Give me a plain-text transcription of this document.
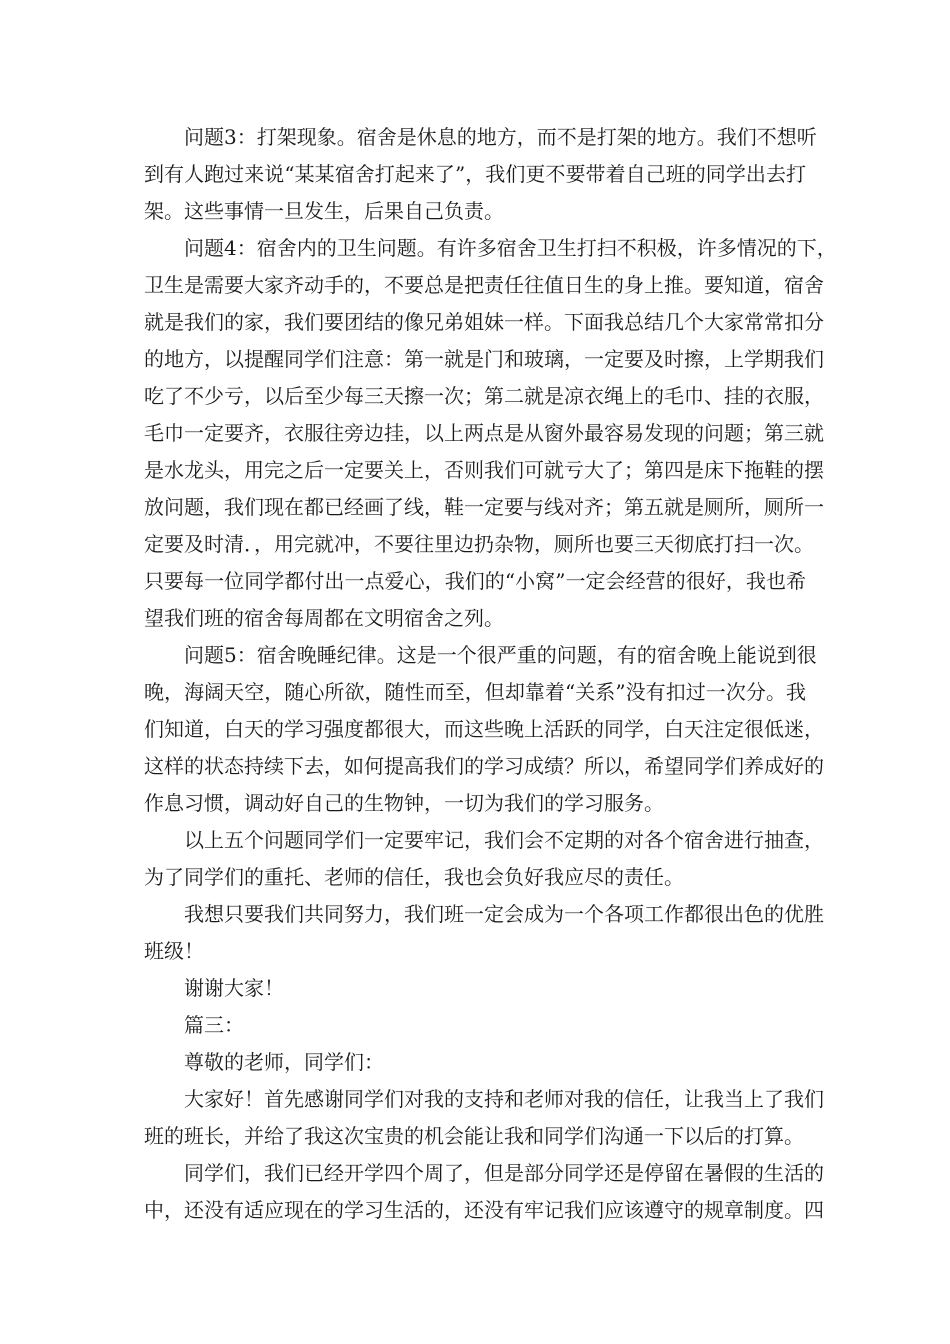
问题3：打架现象。宿舍是休息的地方，而不是打架的地方。我们不想听
到有人跑过来说“某某宿舍打起来了”，我们更不要带着自己班的同学出去打
架。这些事情一旦发生，后果自己负责。
问题4：宿舍内的卫生问题。有许多宿舍卫生打扫不积极，许多情况的下，
卫生是需要大家齐动手的，不要总是把责任往值日生的身上推。要知道，宿舍
就是我们的家，我们要团结的像兄弟姐妹一样。下面我总结几个大家常常扣分
的地方，以提醒同学们注意：第一就是门和玻璃，一定要及时擦，上学期我们
吃了不少亏，以后至少每三天擦一次；第二就是凉衣绳上的毛巾、挂的衣服，
毛巾一定要齐，衣服往旁边挂，以上两点是从窗外最容易发现的问题；第三就
是水龙头，用完之后一定要关上，否则我们可就亏大了；第四是床下拖鞋的摆
放问题，我们现在都已经画了线，鞋一定要与线对齐；第五就是厕所，厕所一
定要及时清．，用完就冲，不要往里边扔杂物，厕所也要三天彻底打扫一次。
只要每一位同学都付出一点爱心，我们的“小窝”一定会经营的很好，我也希
望我们班的宿舍每周都在文明宿舍之列。
问题5：宿舍晚睡纪律。这是一个很严重的问题，有的宿舍晚上能说到很
晚，海阔天空，随心所欲，随性而至，但却靠着“关系”没有扣过一次分。我
们知道，白天的学习强度都很大，而这些晚上活跃的同学，白天注定很低迷，
这样的状态持续下去，如何提高我们的学习成绩？所以，希望同学们养成好的
作息习惯，调动好自己的生物钟，一切为我们的学习服务。
以上五个问题同学们一定要牢记，我们会不定期的对各个宿舍进行抽查，
为了同学们的重托、老师的信任，我也会负好我应尽的责任。
我想只要我们共同努力，我们班一定会成为一个各项工作都很出色的优胜
班级！
谢谢大家！
篇三：
尊敬的老师，同学们：
大家好！首先感谢同学们对我的支持和老师对我的信任，让我当上了我们
班的班长，并给了我这次宝贵的机会能让我和同学们沟通一下以后的打算。
同学们，我们已经开学四个周了，但是部分同学还是停留在暑假的生活的
中，还没有适应现在的学习生活的，还没有牢记我们应该遵守的规章制度。四
